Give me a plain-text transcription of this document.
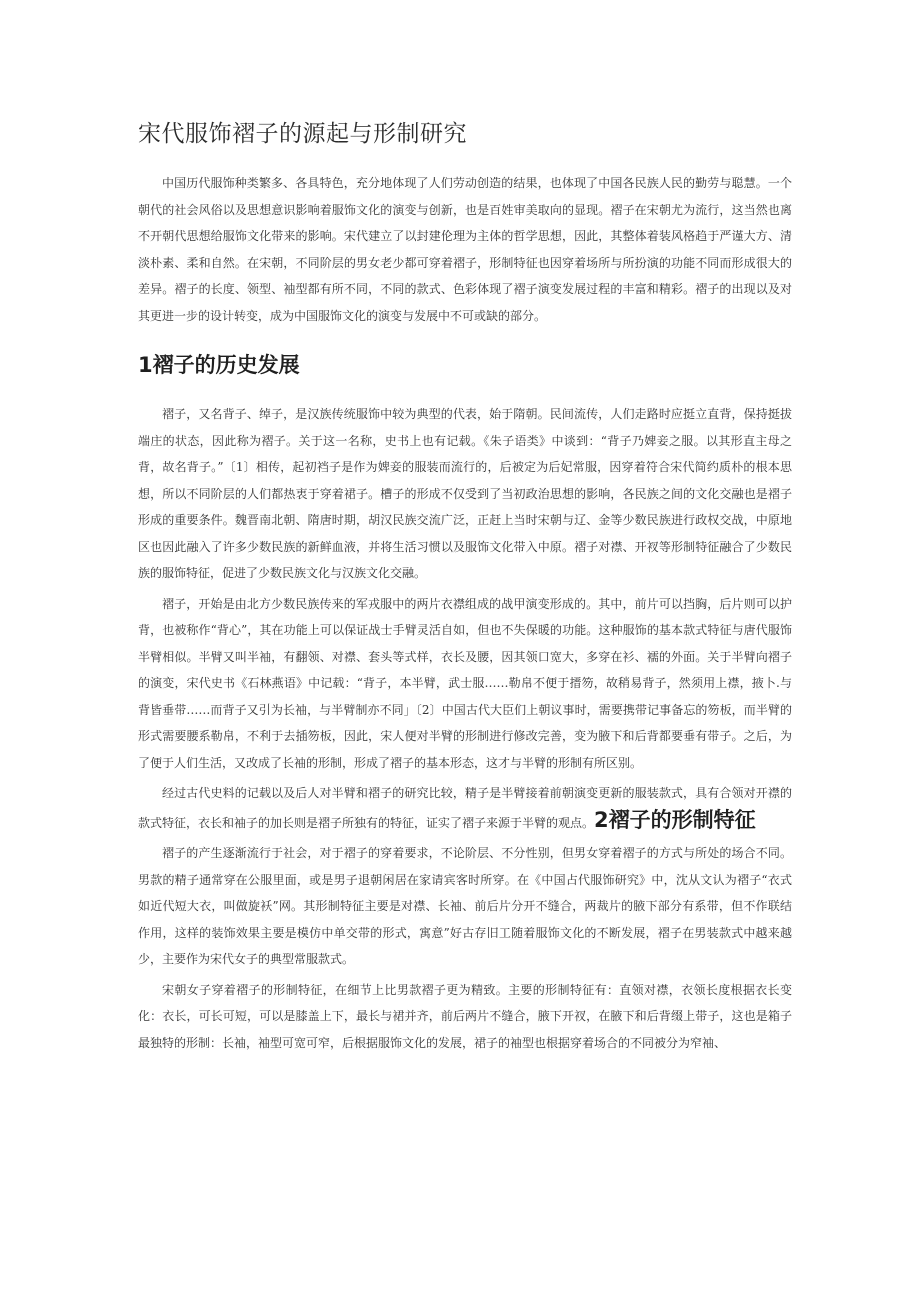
宋代服饰褶子的源起与形制研究

中国历代服饰种类繁多、各具特色，充分地体现了人们劳动创造的结果，也体现了中国各民族人民的勤劳与聪慧。一个朝代的社会风俗以及思想意识影响着服饰文化的演变与创新，也是百姓审美取向的显现。褶子在宋朝尤为流行，这当然也离不开朝代思想给服饰文化带来的影响。宋代建立了以封建伦理为主体的哲学思想，因此，其整体着装风格趋于严谨大方、清淡朴素、柔和自然。在宋朝，不同阶层的男女老少都可穿着褶子，形制特征也因穿着场所与所扮演的功能不同而形成很大的差异。褶子的长度、领型、袖型都有所不同，不同的款式、色彩体现了褶子演变发展过程的丰富和精彩。褶子的出现以及对其更进一步的设计转变，成为中国服饰文化的演变与发展中不可或缺的部分。

1褶子的历史发展

褶子，又名背子、绰子，是汉族传统服饰中较为典型的代表，始于隋朝。民间流传，人们走路时应挺立直背，保持挺拔端庄的状态，因此称为褶子。关于这一名称，史书上也有记载。《朱子语类》中谈到：“背子乃婢妾之服。以其形直主母之背，故名背子。”〔1〕相传，起初裆子是作为婢妾的服装而流行的，后被定为后妃常服，因穿着符合宋代简约质朴的根本思想，所以不同阶层的人们都热衷于穿着裙子。槽子的形成不仅受到了当初政治思想的影响，各民族之间的文化交融也是褶子形成的重要条件。魏晋南北朝、隋唐时期，胡汉民族交流广泛，正赶上当时宋朝与辽、金等少数民族进行政权交战，中原地区也因此融入了许多少数民族的新鲜血液，并将生活习惯以及服饰文化带入中原。褶子对襟、开衩等形制特征融合了少数民族的服饰特征，促进了少数民族文化与汉族文化交融。

褶子，开始是由北方少数民族传来的军戎服中的两片衣襟组成的战甲演变形成的。其中，前片可以挡胸，后片则可以护背，也被称作“背心”，其在功能上可以保证战士手臂灵活自如，但也不失保暖的功能。这种服饰的基本款式特征与唐代服饰半臂相似。半臂又叫半袖，有翻领、对襟、套头等式样，衣长及腰，因其领口宽大，多穿在衫、襦的外面。关于半臂向褶子的演变，宋代史书《石林燕语》中记载：“背子，本半臂，武士服……勒帛不便于搢笏，故稍易背子，然须用上襟，掖卜.与背皆垂带……而背子又引为长袖，与半臂制亦不同」〔2〕中国古代大臣们上朝议事时，需要携带记事备忘的笏板，而半臂的形式需要腰系勒帛，不利于去插笏板，因此，宋人便对半臂的形制进行修改完善，变为腋下和后背都要垂有带子。之后，为了便于人们生活，又改成了长袖的形制，形成了褶子的基本形态，这才与半臂的形制有所区别。

经过古代史料的记载以及后人对半臂和褶子的研究比较，精子是半臂接着前朝演变更新的服装款式，具有合领对开襟的款式特征，衣长和袖子的加长则是褶子所独有的特征，证实了褶子来源于半臂的观点。2褶子的形制特征

褶子的产生逐渐流行于社会，对于褶子的穿着要求，不论阶层、不分性别，但男女穿着褶子的方式与所处的场合不同。男款的精子通常穿在公服里面，或是男子退朝闲居在家请宾客时所穿。在《中国占代服饰研究》中，沈从文认为褶子“衣式如近代短大衣，叫做旋袄”网。其形制特征主要是对襟、长袖、前后片分开不缝合，两裁片的腋下部分有系带，但不作联结作用，这样的装饰效果主要是模仿中单交带的形式，寓意”好古存旧工随着服饰文化的不断发展，褶子在男装款式中越来越少，主要作为宋代女子的典型常服款式。

宋朝女子穿着褶子的形制特征，在细节上比男款褶子更为精致。主要的形制特征有：直领对襟，衣领长度根据衣长变化：衣长，可长可短，可以是膝盖上下，最长与裙并齐，前后两片不缝合，腋下开衩，在腋下和后背缀上带子，这也是箱子最独特的形制：长袖，袖型可宽可窄，后根据服饰文化的发展，裙子的袖型也根据穿着场合的不同被分为窄袖、
